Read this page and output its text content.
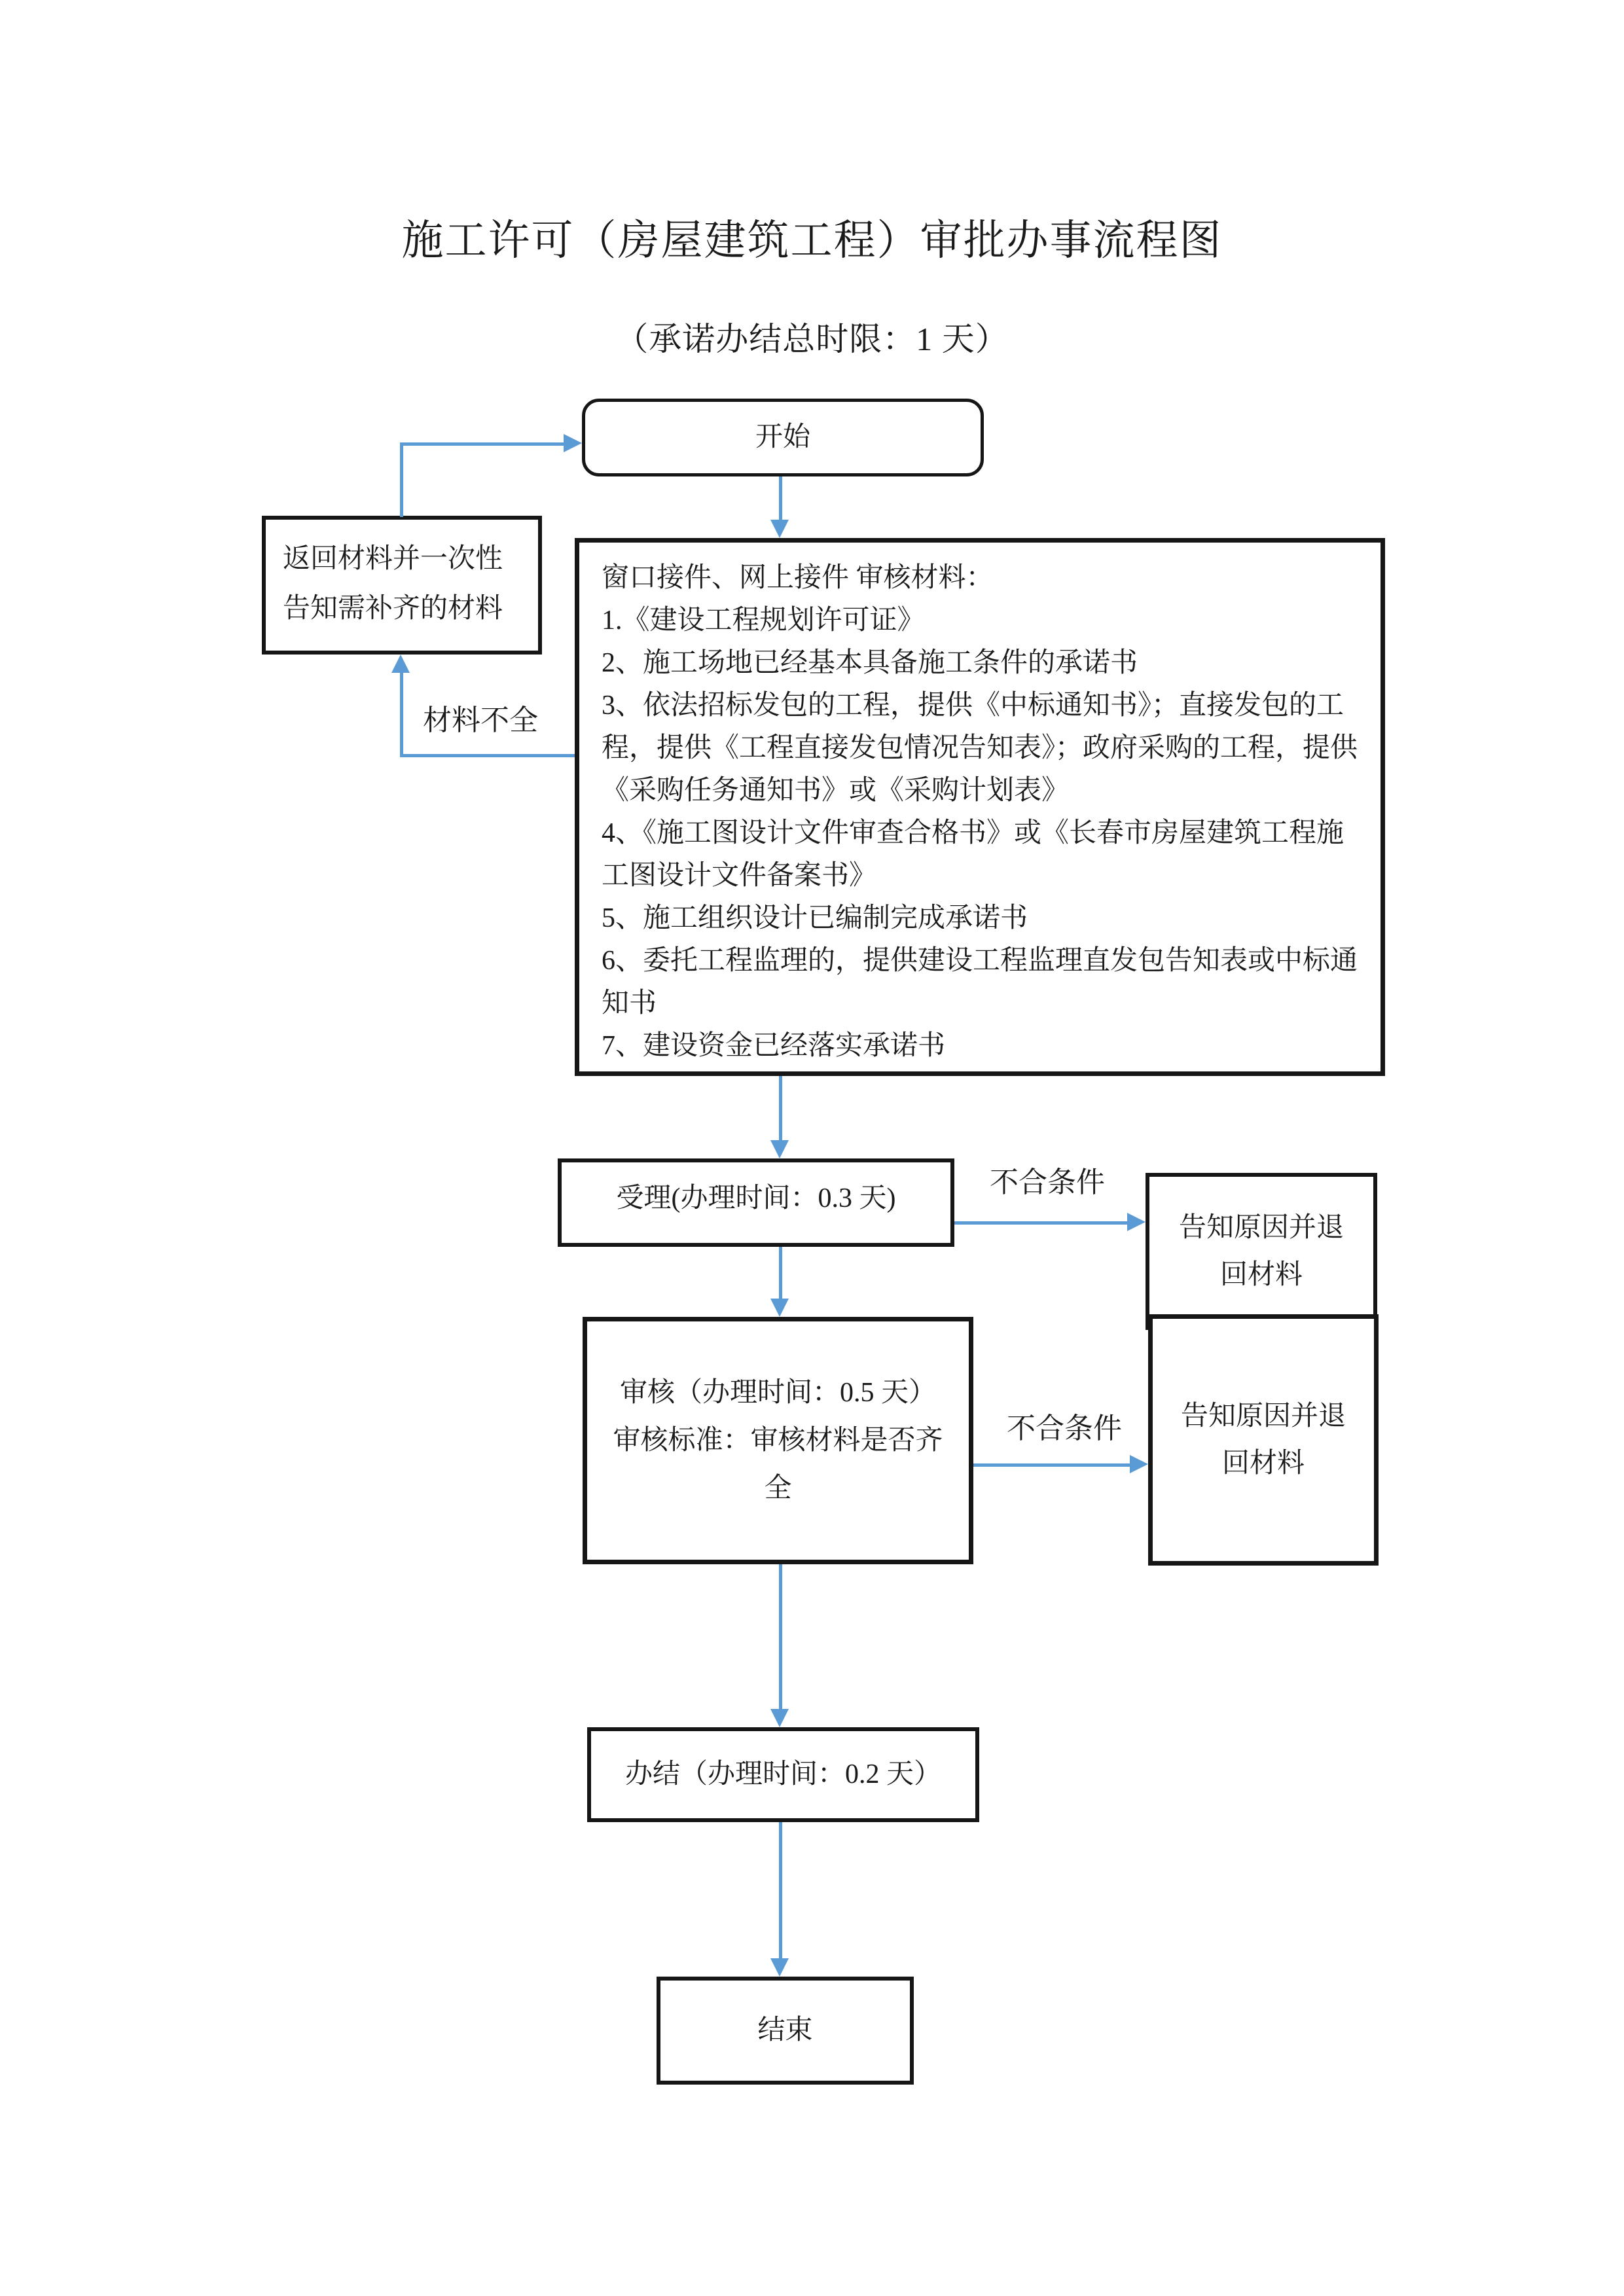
施工许可（房屋建筑工程）审批办事流程图
（承诺办结总时限：1 天）
开始
返回材料并一次性告知需补齐的材料
窗口接件、网上接件 审核材料：
1.《建设工程规划许可证》
2、施工场地已经基本具备施工条件的承诺书
3、依法招标发包的工程，提供《中标通知书》；直接发包的工程，提供《工程直接发包情况告知表》；政府采购的工程，提供《采购任务通知书》或《采购计划表》
4、《施工图设计文件审查合格书》或《长春市房屋建筑工程施工图设计文件备案书》
5、施工组织设计已编制完成承诺书
6、委托工程监理的，提供建设工程监理直发包告知表或中标通知书
7、建设资金已经落实承诺书
受理(办理时间：0.3 天)
告知原因并退回材料
审核（办理时间：0.5 天）
审核标准：审核材料是否齐全
告知原因并退回材料
办结（办理时间：0.2 天）
结束
材料不全
不合条件
不合条件
